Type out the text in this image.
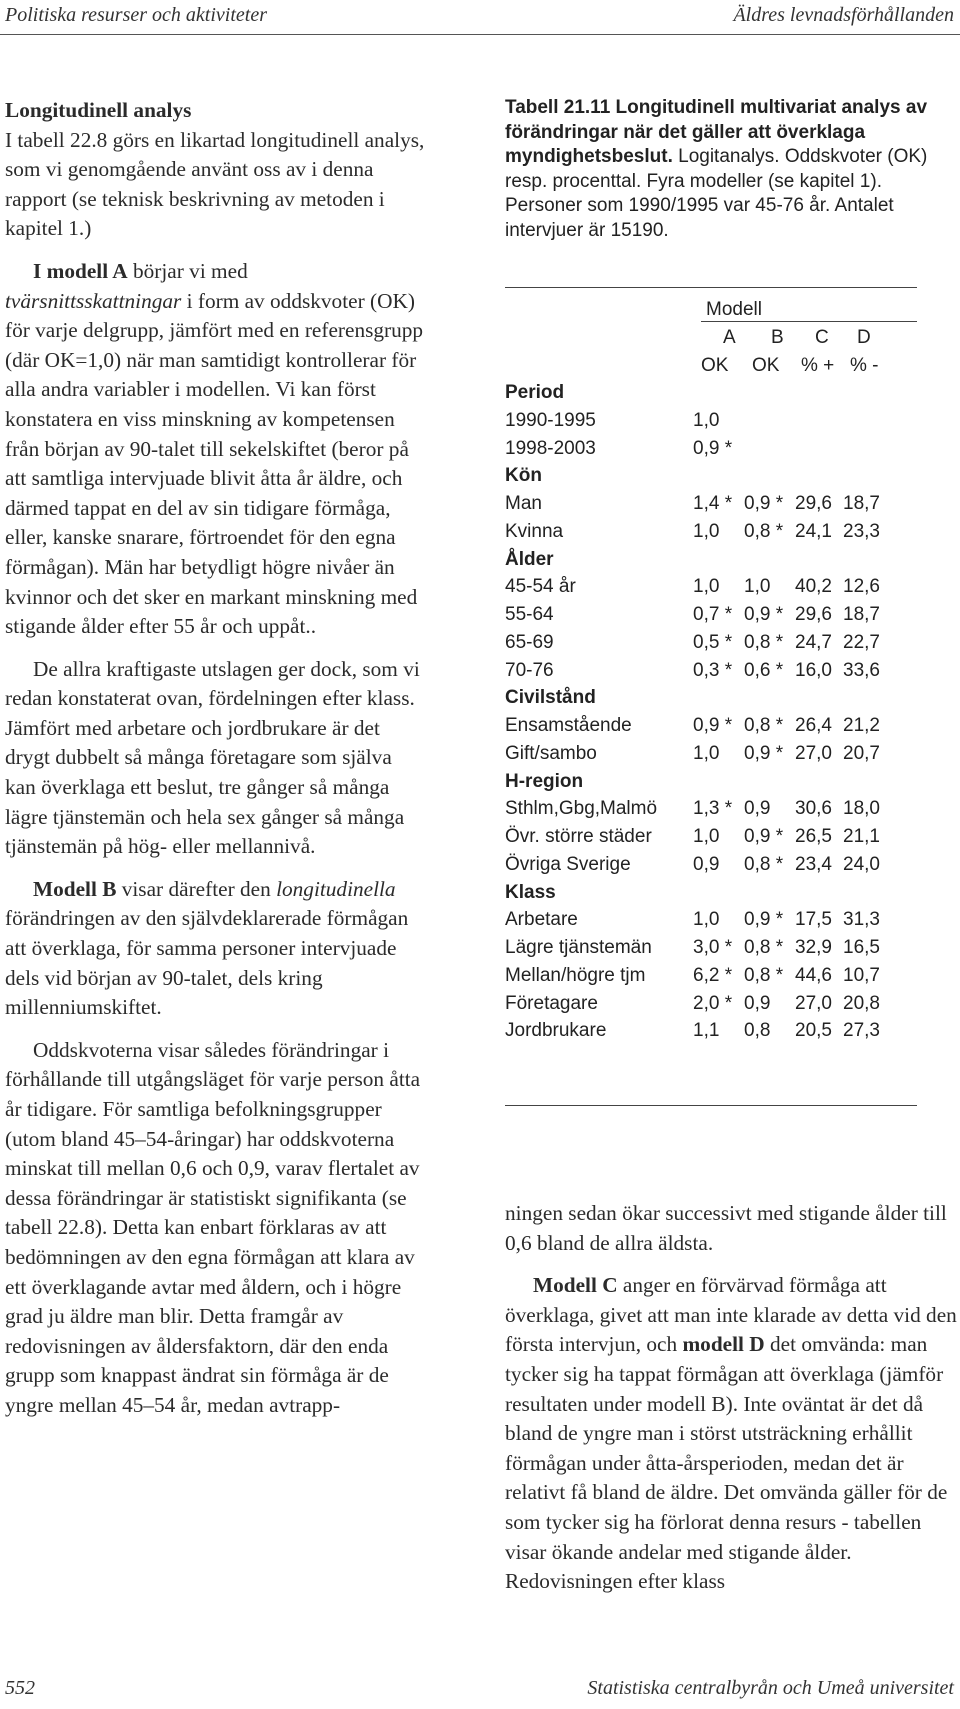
Politiska resurser och aktiviteter	Äldres levnadsförhållanden

Longitudinell analys

I tabell 22.8 görs en likartad longitudinell analys, som vi genomgående använt oss av i denna rapport (se teknisk beskrivning av metoden i kapitel 1.)

I modell A börjar vi med tvärsnittsskattningar i form av oddskvoter (OK) för varje delgrupp, jämfört med en referensgrupp (där OK=1,0) när man samtidigt kontrollerar för alla andra variabler i modellen. Vi kan först konstatera en viss minskning av kompetensen från början av 90-talet till sekelskiftet (beror på att samtliga intervjuade blivit åtta år äldre, och därmed tappat en del av sin tidigare förmåga, eller, kanske snarare, förtroendet för den egna förmågan). Män har betydligt högre nivåer än kvinnor och det sker en markant minskning med stigande ålder efter 55 år och uppåt..

De allra kraftigaste utslagen ger dock, som vi redan konstaterat ovan, fördelningen efter klass. Jämfört med arbetare och jordbrukare är det drygt dubbelt så många företagare som själva kan överklaga ett beslut, tre gånger så många lägre tjänstemän och hela sex gånger så många tjänstemän på hög- eller mellannivå.

Modell B visar därefter den longitudinella förändringen av den självdeklarerade förmågan att överklaga, för samma personer intervjuade dels vid början av 90-talet, dels kring millenniumskiftet.

Oddskvoterna visar således förändringar i förhållande till utgångsläget för varje person åtta år tidigare. För samtliga befolkningsgrupper (utom bland 45–54-åringar) har oddskvoterna minskat till mellan 0,6 och 0,9, varav flertalet av dessa förändringar är statistiskt signifikanta (se tabell 22.8). Detta kan enbart förklaras av att bedömningen av den egna förmågan att klara av ett överklagande avtar med åldern, och i högre grad ju äldre man blir. Detta framgår av redovisningen av åldersfaktorn, där den enda grupp som knappast ändrat sin förmåga är de yngre mellan 45–54 år, medan avtrapp-

Tabell 21.11 Longitudinell multivariat analys av förändringar när det gäller att överklaga myndighetsbeslut. Logitanalys. Oddskvoter (OK) resp. procenttal. Fyra modeller (se kapitel 1). Personer som 1990/1995 var 45-76 år. Antalet intervjuer är 15190.
Modell
A B C D
OK OK % + % -
Period
1990-1995	1,0
1998-2003	0,9 *
Kön
Man	1,4 * 0,9 * 29,6 18,7
Kvinna	1,0 0,8 * 24,1 23,3
Ålder
45-54 år	1,0 1,0 40,2 12,6
55-64	0,7 * 0,9 * 29,6 18,7
65-69	0,5 * 0,8 * 24,7 22,7
70-76	0,3 * 0,6 * 16,0 33,6
Civilstånd
Ensamstående	0,9 * 0,8 * 26,4 21,2
Gift/sambo	1,0 0,9 * 27,0 20,7
H-region
Sthlm,Gbg,Malmö 1,3 * 0,9 30,6 18,0
Övr. större städer 1,0 0,9 * 26,5 21,1
Övriga Sverige	0,9 0,8 * 23,4 24,0
Klass
Arbetare	1,0 0,9 * 17,5 31,3
Lägre tjänstemän 3,0 * 0,8 * 32,9 16,5
Mellan/högre tjm	6,2 * 0,8 * 44,6 10,7
Företagare	2,0 * 0,9 27,0 20,8
Jordbrukare	1,1 0,8 20,5 27,3

ningen sedan ökar successivt med stigande ålder till 0,6 bland de allra äldsta.

Modell C anger en förvärvad förmåga att överklaga, givet att man inte klarade av detta vid den första intervjun, och modell D det omvända: man tycker sig ha tappat förmågan att överklaga (jämför resultaten under modell B). Inte oväntat är det då bland de yngre man i störst utsträckning erhållit förmågan under åtta-årsperioden, medan det är relativt få bland de äldre. Det omvända gäller för de som tycker sig ha förlorat denna resurs - tabellen visar ökande andelar med stigande ålder. Redovisningen efter klass

552	Statistiska centralbyrån och Umeå universitet
